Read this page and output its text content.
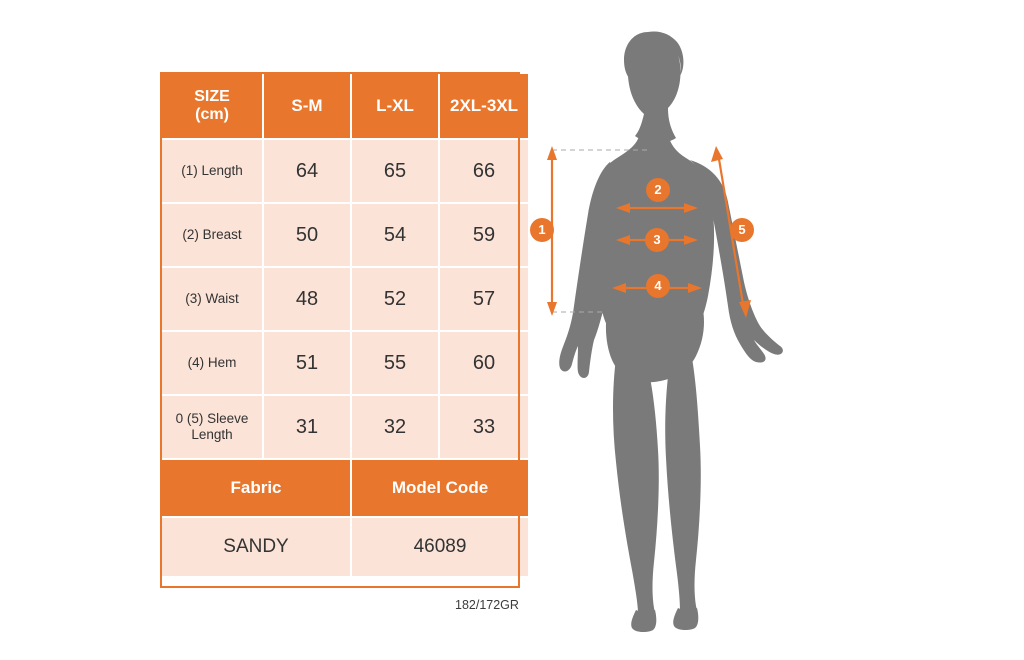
SIZE
(cm)	S-M	L-XL	2XL-3XL
(1) Length	64	65	66
(2) Breast	50	54	59
(3) Waist	48	52	57
(4) Hem	51	55	60
0 (5) Sleeve Length	31	32	33
Fabric		Model Code	
SANDY		46089	
182/172GR
1
2
3
4
5
